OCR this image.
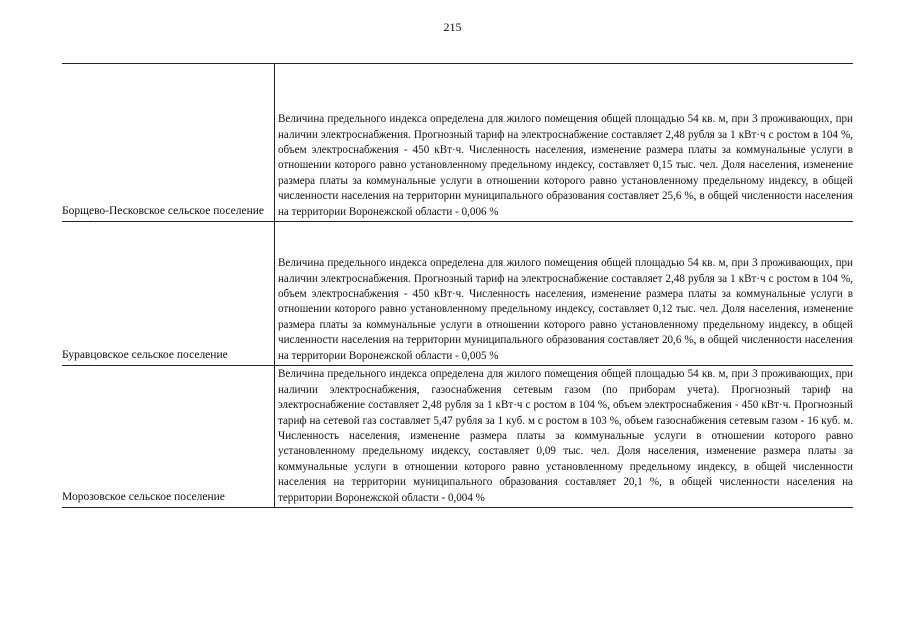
215
Борщево-Песковское сельское поселение
Величина предельного индекса определена для жилого помещения общей площадью 54 кв. м, при 3 проживающих, при наличии электроснабжения. Прогнозный тариф на электроснабжение составляет 2,48 рубля за 1 кВт·ч с ростом в 104 %, объем электроснабжения - 450 кВт·ч. Численность населения, изменение размера платы за коммунальные услуги в отношении которого равно установленному предельному индексу, составляет 0,15 тыс. чел. Доля населения, изменение размера платы за коммунальные услуги в отношении которого равно установленному предельному индексу, в общей численности населения на территории муниципального образования составляет 25,6 %, в общей численности населения на территории Воронежской области - 0,006 %
Буравцовское сельское поселение
Величина предельного индекса определена для жилого помещения общей площадью 54 кв. м, при 3 проживающих, при наличии электроснабжения. Прогнозный тариф на электроснабжение составляет 2,48 рубля за 1 кВт·ч с ростом в 104 %, объем электроснабжения - 450 кВт·ч. Численность населения, изменение размера платы за коммунальные услуги в отношении которого равно установленному предельному индексу, составляет 0,12 тыс. чел. Доля населения, изменение размера платы за коммунальные услуги в отношении которого равно установленному предельному индексу, в общей численности населения на территории муниципального образования составляет 20,6 %, в общей численности населения на территории Воронежской области - 0,005 %
Морозовское сельское поселение
Величина предельного индекса определена для жилого помещения общей площадью 54 кв. м, при 3 проживающих, при наличии электроснабжения, газоснабжения сетевым газом (по приборам учета). Прогнозный тариф на электроснабжение составляет 2,48 рубля за 1 кВт·ч с ростом в 104 %, объем электроснабжения - 450 кВт·ч. Прогнозный тариф на сетевой газ составляет 5,47 рубля за 1 куб. м с ростом в 103 %, объем газоснабжения сетевым газом - 16 куб. м. Численность населения, изменение размера платы за коммунальные услуги в отношении которого равно установленному предельному индексу, составляет 0,09 тыс. чел. Доля населения, изменение размера платы за коммунальные услуги в отношении которого равно установленному предельному индексу, в общей численности населения на территории муниципального образования составляет 20,1 %, в общей численности населения на территории Воронежской области - 0,004 %
